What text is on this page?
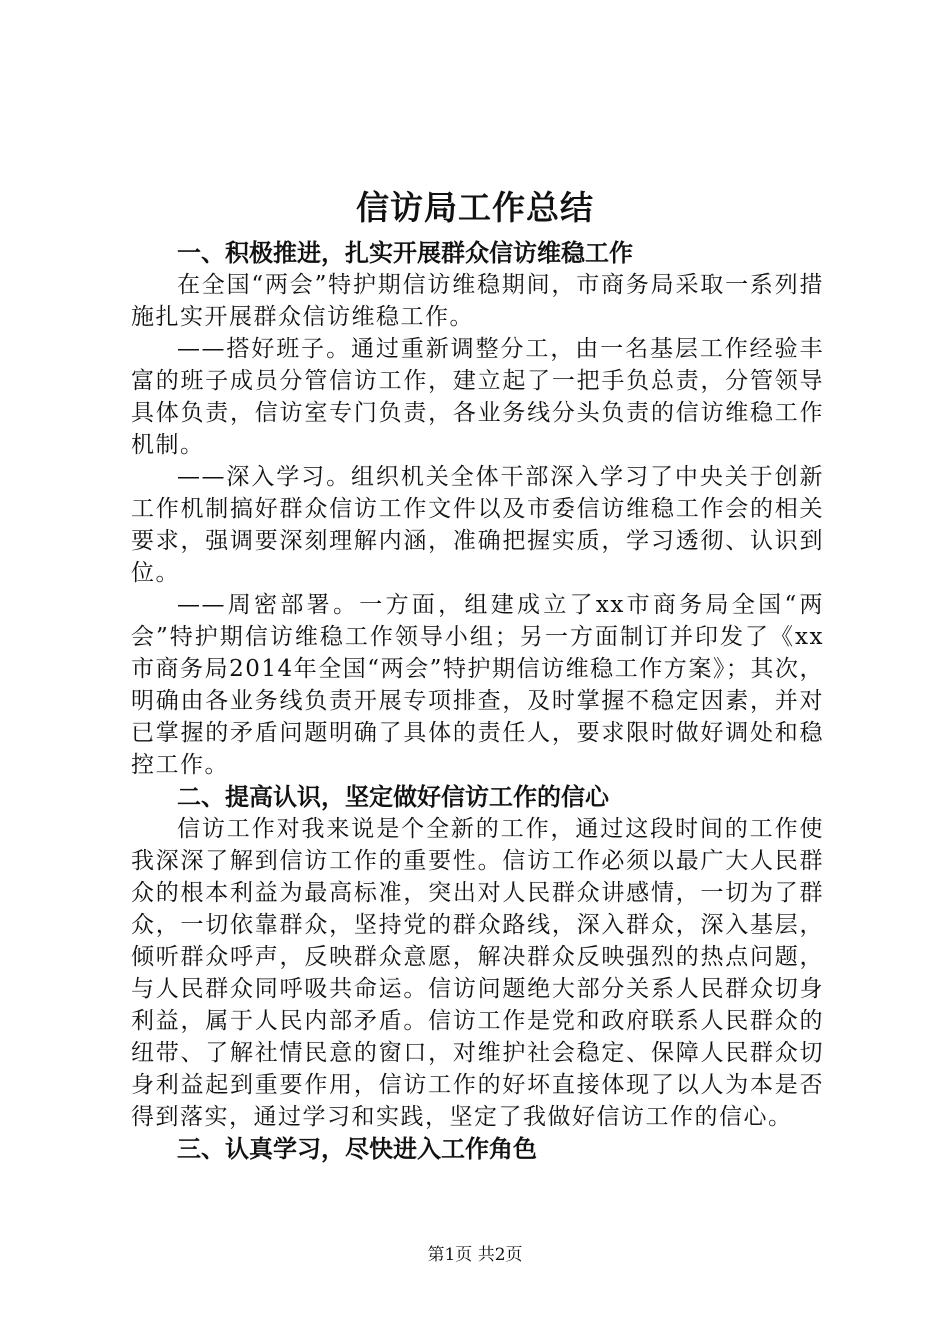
信访局工作总结
一、积极推进，扎实开展群众信访维稳工作

在全国“两会”特护期信访维稳期间，市商务局采取一系列措施扎实开展群众信访维稳工作。

——搭好班子。通过重新调整分工，由一名基层工作经验丰富的班子成员分管信访工作，建立起了一把手负总责，分管领导具体负责，信访室专门负责，各业务线分头负责的信访维稳工作机制。

——深入学习。组织机关全体干部深入学习了中央关于创新工作机制搞好群众信访工作文件以及市委信访维稳工作会的相关要求，强调要深刻理解内涵，准确把握实质，学习透彻、认识到位。

——周密部署。一方面，组建成立了xx市商务局全国“两会”特护期信访维稳工作领导小组；另一方面制订并印发了《xx市商务局2014年全国“两会”特护期信访维稳工作方案》；其次，明确由各业务线负责开展专项排查，及时掌握不稳定因素，并对已掌握的矛盾问题明确了具体的责任人，要求限时做好调处和稳控工作。

二、提高认识，坚定做好信访工作的信心

信访工作对我来说是个全新的工作，通过这段时间的工作使我深深了解到信访工作的重要性。信访工作必须以最广大人民群众的根本利益为最高标准，突出对人民群众讲感情，一切为了群众，一切依靠群众，坚持党的群众路线，深入群众，深入基层，倾听群众呼声，反映群众意愿，解决群众反映强烈的热点问题，与人民群众同呼吸共命运。信访问题绝大部分关系人民群众切身利益，属于人民内部矛盾。信访工作是党和政府联系人民群众的纽带、了解社情民意的窗口，对维护社会稳定、保障人民群众切身利益起到重要作用，信访工作的好坏直接体现了以人为本是否得到落实，通过学习和实践，坚定了我做好信访工作的信心。

三、认真学习，尽快进入工作角色

第1页 共2页
